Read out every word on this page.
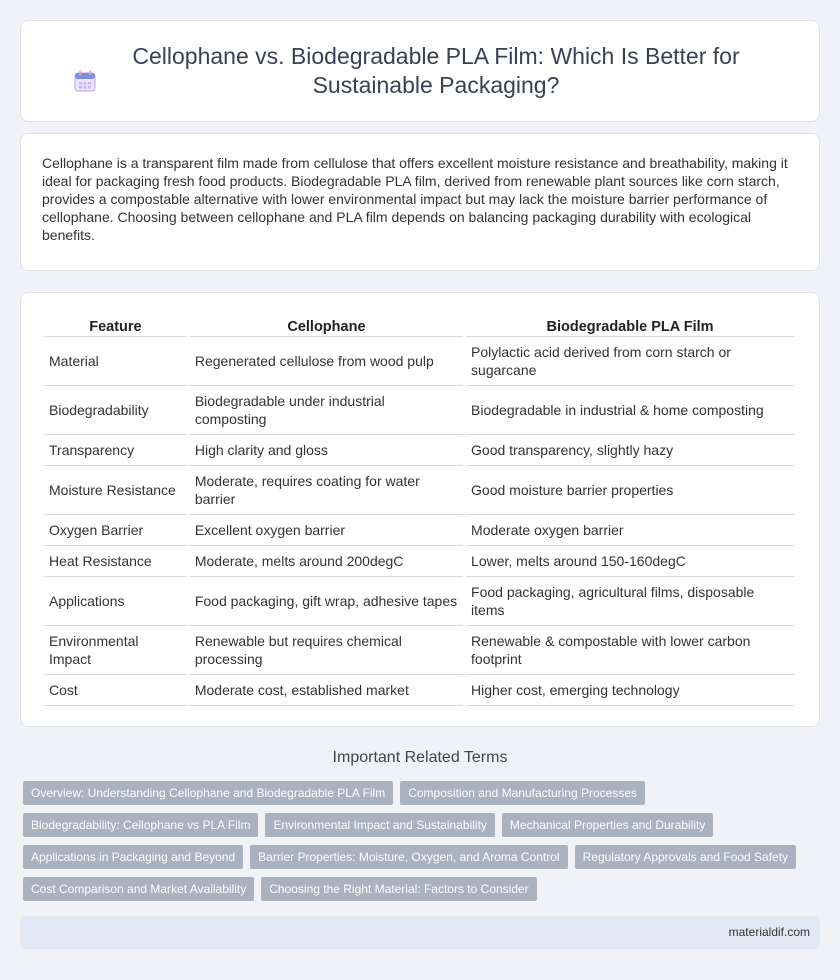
Cellophane vs. Biodegradable PLA Film: Which Is Better for Sustainable Packaging?

Cellophane is a transparent film made from cellulose that offers excellent moisture resistance and breathability, making it ideal for packaging fresh food products. Biodegradable PLA film, derived from renewable plant sources like corn starch, provides a compostable alternative with lower environmental impact but may lack the moisture barrier performance of cellophane. Choosing between cellophane and PLA film depends on balancing packaging durability with ecological benefits.

Feature	Cellophane	Biodegradable PLA Film
Material	Regenerated cellulose from wood pulp	Polylactic acid derived from corn starch or sugarcane
Biodegradability	Biodegradable under industrial composting	Biodegradable in industrial & home composting
Transparency	High clarity and gloss	Good transparency, slightly hazy
Moisture Resistance	Moderate, requires coating for water barrier	Good moisture barrier properties
Oxygen Barrier	Excellent oxygen barrier	Moderate oxygen barrier
Heat Resistance	Moderate, melts around 200degC	Lower, melts around 150-160degC
Applications	Food packaging, gift wrap, adhesive tapes	Food packaging, agricultural films, disposable items
Environmental Impact	Renewable but requires chemical processing	Renewable & compostable with lower carbon footprint
Cost	Moderate cost, established market	Higher cost, emerging technology
Important Related Terms
Overview: Understanding Cellophane and Biodegradable PLA Film	Composition and Manufacturing Processes
Biodegradability: Cellophane vs PLA Film	Environmental Impact and Sustainability	Mechanical Properties and Durability
Applications in Packaging and Beyond	Barrier Properties: Moisture, Oxygen, and Aroma Control	Regulatory Approvals and Food Safety
Cost Comparison and Market Availability	Choosing the Right Material: Factors to Consider
materialdif.com
